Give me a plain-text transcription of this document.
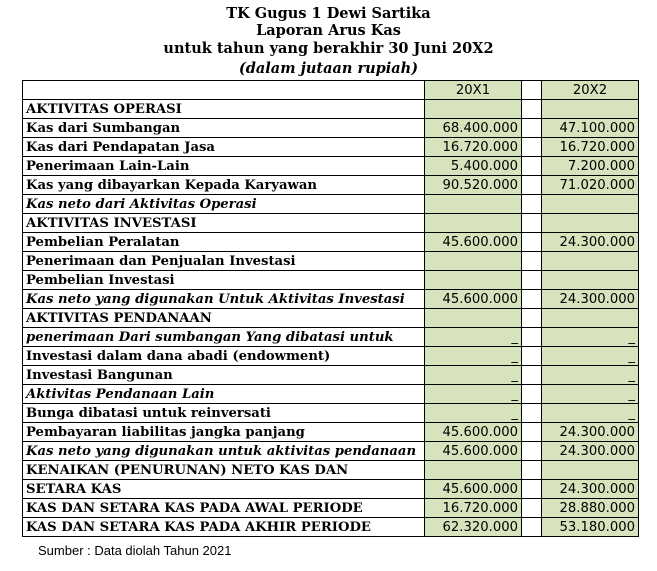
TK Gugus 1 Dewi Sartika
Laporan Arus Kas
untuk tahun yang berakhir 30 Juni 20X2
(dalam jutaan rupiah)
	20X1		20X2
AKTIVITAS OPERASI			
Kas dari Sumbangan	68.400.000		47.100.000
Kas dari Pendapatan Jasa	16.720.000		16.720.000
Penerimaan Lain-Lain	5.400.000		7.200.000
Kas yang dibayarkan Kepada Karyawan	90.520.000		71.020.000
Kas neto dari Aktivitas Operasi			
AKTIVITAS INVESTASI			
Pembelian Peralatan	45.600.000		24.300.000
Penerimaan dan Penjualan Investasi			
Pembelian Investasi			
Kas neto yang digunakan Untuk Aktivitas Investasi	45.600.000		24.300.000
AKTIVITAS PENDANAAN			
penerimaan Dari sumbangan Yang dibatasi untuk	_		_
Investasi dalam dana abadi (endowment)	_		_
Investasi Bangunan	_		_
Aktivitas Pendanaan Lain	_		_
Bunga dibatasi untuk reinversati	_		_
Pembayaran liabilitas jangka panjang	45.600.000		24.300.000
Kas neto yang digunakan untuk aktivitas pendanaan	45.600.000		24.300.000
KENAIKAN (PENURUNAN) NETO KAS DAN			
SETARA KAS	45.600.000		24.300.000
KAS DAN SETARA KAS PADA AWAL PERIODE	16.720.000		28.880.000
KAS DAN SETARA KAS PADA AKHIR PERIODE	62.320.000		53.180.000
Sumber : Data diolah Tahun 2021
